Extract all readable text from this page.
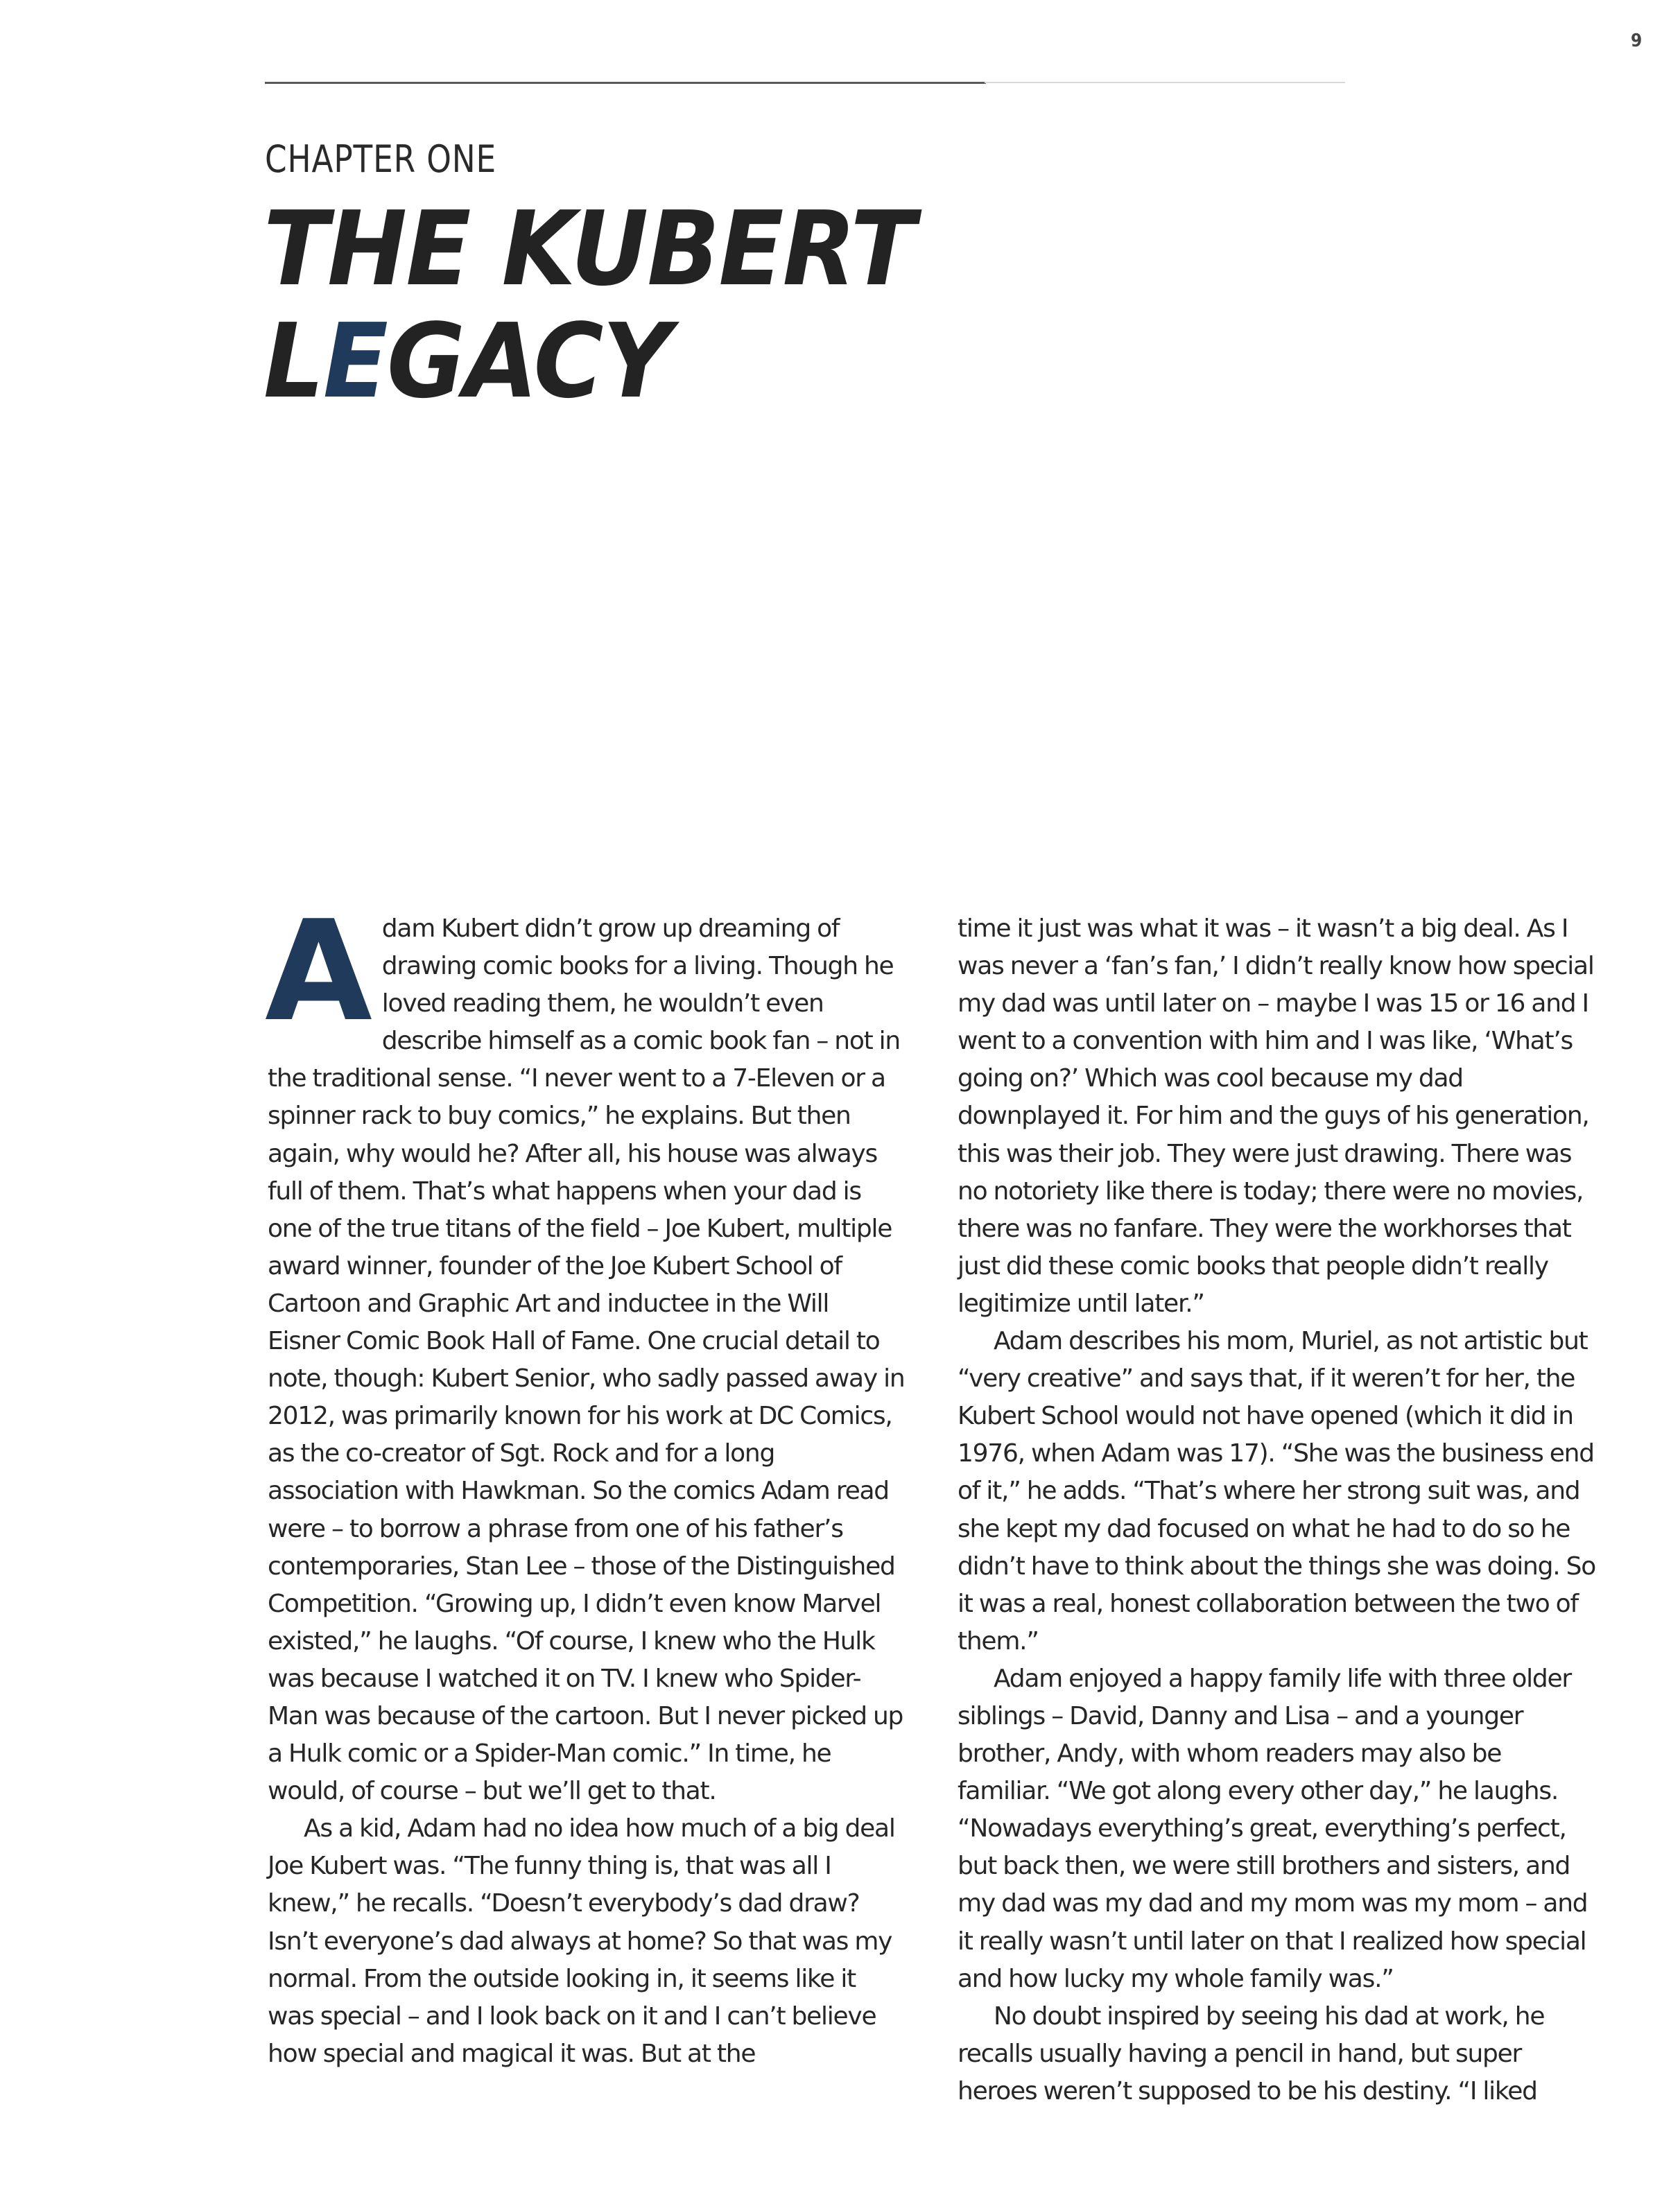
9
CHAPTER ONE
THE KUBERT
LEGACY

Adam Kubert didn’t grow up dreaming of drawing comic books for a living. Though he loved reading them, he wouldn’t even describe himself as a comic book fan – not in the traditional sense. “I never went to a 7-Eleven or a spinner rack to buy comics,” he explains. But then again, why would he? After all, his house was always full of them. That’s what happens when your dad is one of the true titans of the field – Joe Kubert, multiple award winner, founder of the Joe Kubert School of Cartoon and Graphic Art and inductee in the Will Eisner Comic Book Hall of Fame. One crucial detail to note, though: Kubert Senior, who sadly passed away in 2012, was primarily known for his work at DC Comics, as the co-creator of Sgt. Rock and for a long association with Hawkman. So the comics Adam read were – to borrow a phrase from one of his father’s contemporaries, Stan Lee – those of the Distinguished Competition. “Growing up, I didn’t even know Marvel existed,” he laughs. “Of course, I knew who the Hulk was because I watched it on TV. I knew who Spider-Man was because of the cartoon. But I never picked up a Hulk comic or a Spider-Man comic.” In time, he would, of course – but we’ll get to that.

As a kid, Adam had no idea how much of a big deal Joe Kubert was. “The funny thing is, that was all I knew,” he recalls. “Doesn’t everybody’s dad draw? Isn’t everyone’s dad always at home? So that was my normal. From the outside looking in, it seems like it was special – and I look back on it and I can’t believe how special and magical it was. But at the

time it just was what it was – it wasn’t a big deal. As I was never a ‘fan’s fan,’ I didn’t really know how special my dad was until later on – maybe I was 15 or 16 and I went to a convention with him and I was like, ‘What’s going on?’ Which was cool because my dad downplayed it. For him and the guys of his generation, this was their job. They were just drawing. There was no notoriety like there is today; there were no movies, there was no fanfare. They were the workhorses that just did these comic books that people didn’t really legitimize until later.”

Adam describes his mom, Muriel, as not artistic but “very creative” and says that, if it weren’t for her, the Kubert School would not have opened (which it did in 1976, when Adam was 17). “She was the business end of it,” he adds. “That’s where her strong suit was, and she kept my dad focused on what he had to do so he didn’t have to think about the things she was doing. So it was a real, honest collaboration between the two of them.”

Adam enjoyed a happy family life with three older siblings – David, Danny and Lisa – and a younger brother, Andy, with whom readers may also be familiar. “We got along every other day,” he laughs. “Nowadays everything’s great, everything’s perfect, but back then, we were still brothers and sisters, and my dad was my dad and my mom was my mom – and it really wasn’t until later on that I realized how special and how lucky my whole family was.”

No doubt inspired by seeing his dad at work, he recalls usually having a pencil in hand, but super heroes weren’t supposed to be his destiny. “I liked
